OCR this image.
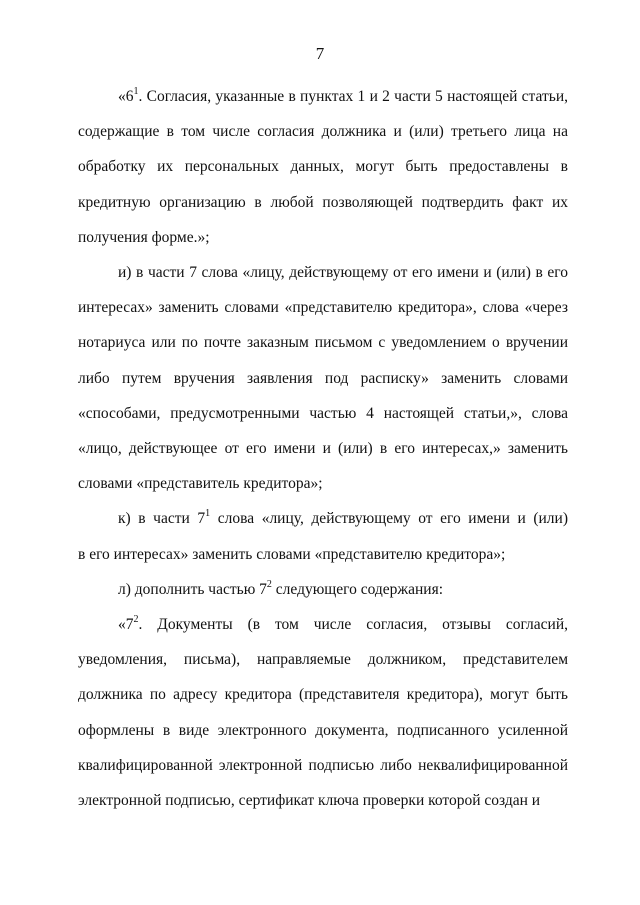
7

«$6^1$. Согласия, указанные в пунктах 1 и 2 части 5 настоящей статьи,
содержащие в том числе согласия должника и (или) третьего лица на
обработку их персональных данных, могут быть предоставлены в
кредитную организацию в любой позволяющей подтвердить факт их
получения форме.»;

и) в части 7 слова «лицу, действующему от его имени и (или) в его
интересах» заменить словами «представителю кредитора», слова «через
нотариуса или по почте заказным письмом с уведомлением о вручении
либо путем вручения заявления под расписку» заменить словами
«способами, предусмотренными частью 4 настоящей статьи,», слова
«лицо, действующее от его имени и (или) в его интересах,» заменить
словами «представитель кредитора»;

к) в части $7^1$ слова «лицу, действующему от его имени и (или)
в его интересах» заменить словами «представителю кредитора»;

л) дополнить частью $7^2$ следующего содержания:

«$7^2$. Документы (в том числе согласия, отзывы согласий,
уведомления, письма), направляемые должником, представителем
должника по адресу кредитора (представителя кредитора), могут быть
оформлены в виде электронного документа, подписанного усиленной
квалифицированной электронной подписью либо неквалифицированной
электронной подписью, сертификат ключа проверки которой создан и
